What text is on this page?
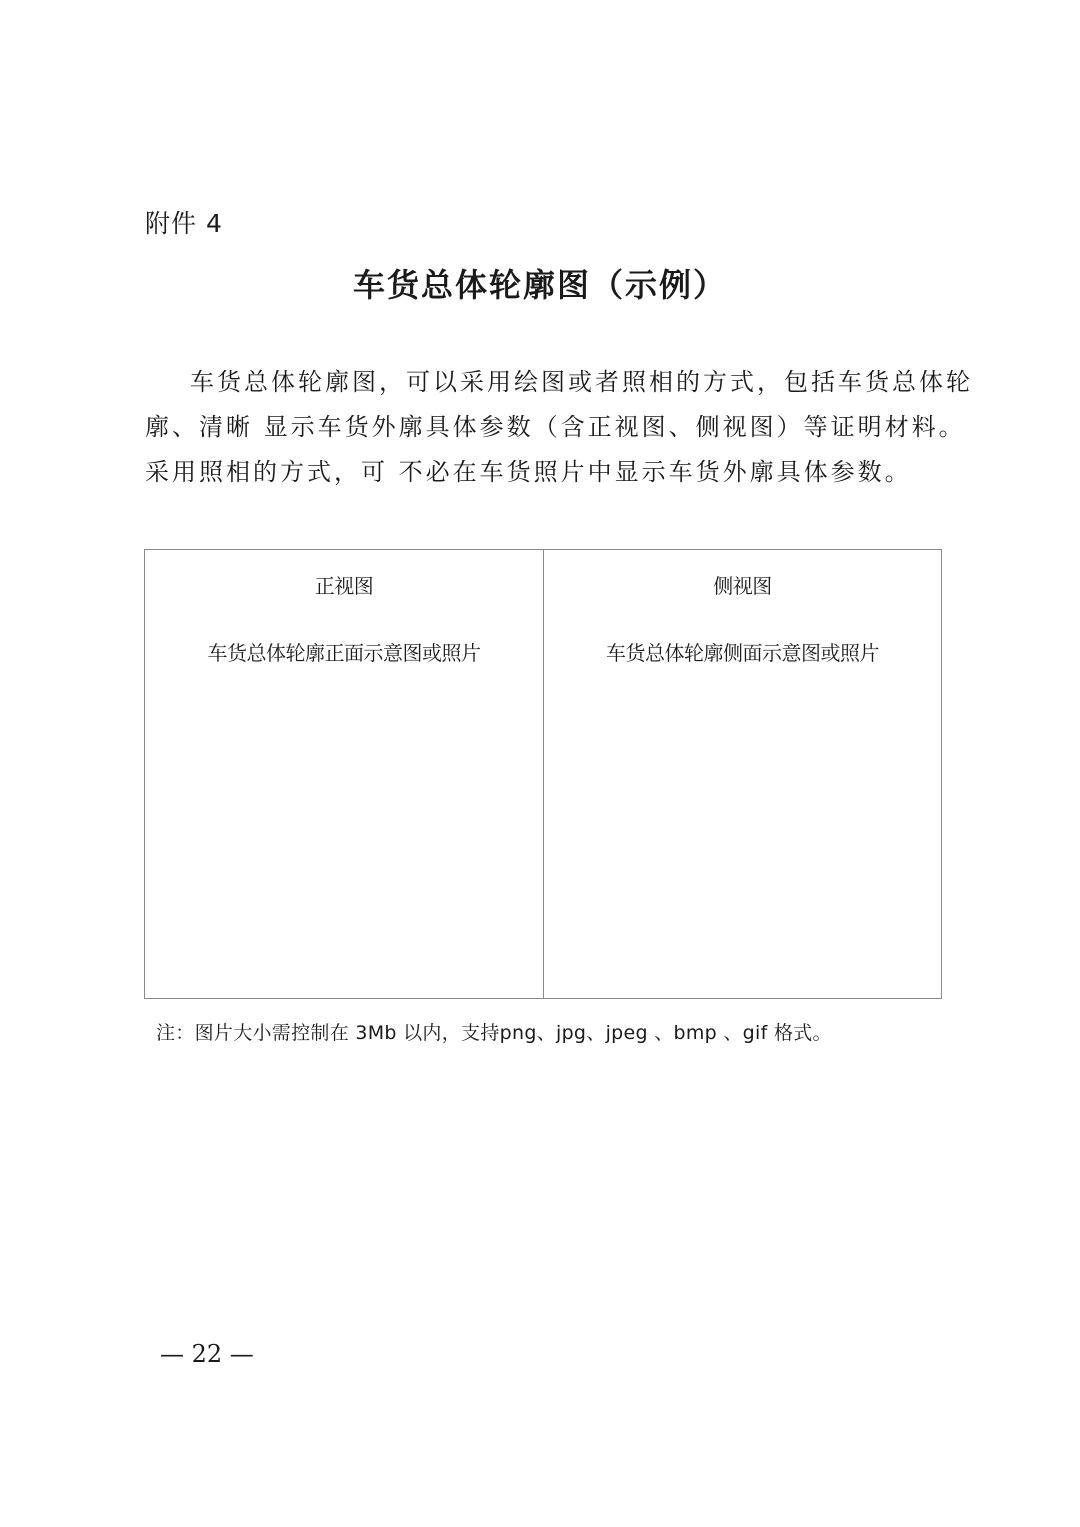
附件 4
车货总体轮廓图（示例）
车货总体轮廓图，可以采用绘图或者照相的方式，包括车货总体轮
廓、清晰 显示车货外廓具体参数（含正视图、侧视图）等证明材料。
采用照相的方式，可 不必在车货照片中显示车货外廓具体参数。
正视图
车货总体轮廓正面示意图或照片
侧视图
车货总体轮廓侧面示意图或照片
注：图片大小需控制在 3Mb 以内，支持png、jpg、jpeg 、bmp 、gif 格式。
— 22 —
